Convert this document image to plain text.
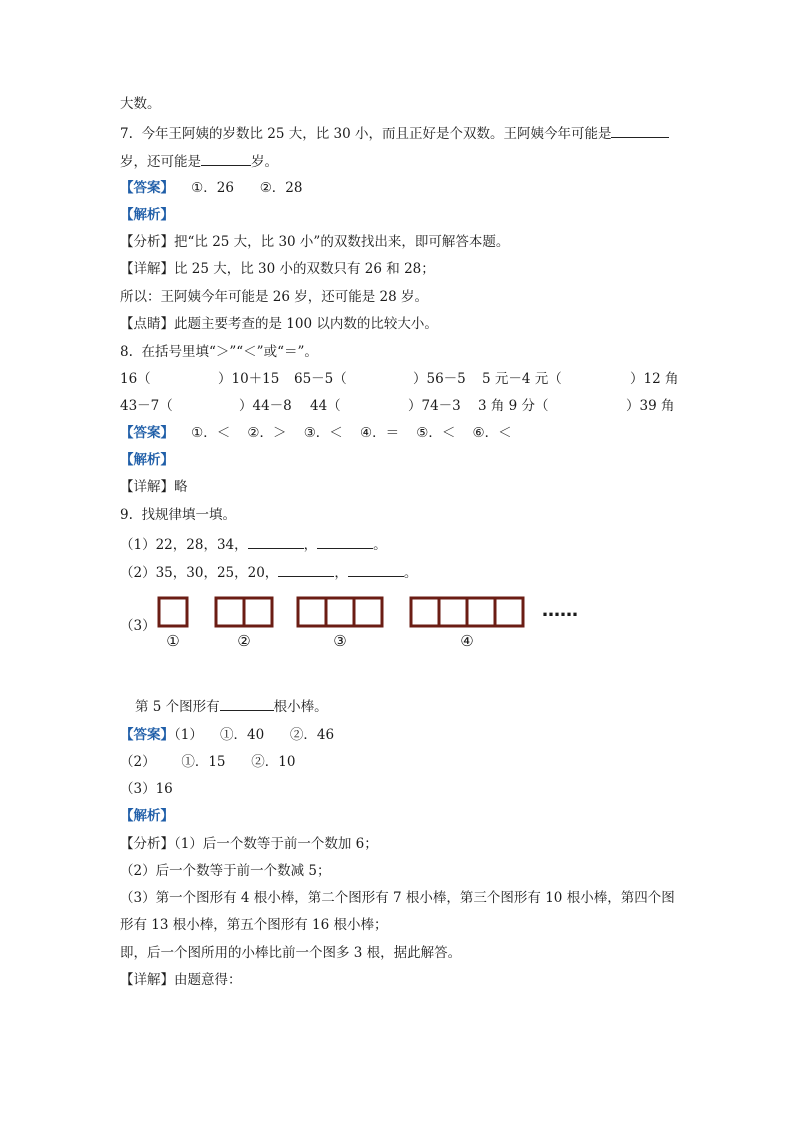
大数。
7.  今年王阿姨的岁数比 25 大，比 30 小，而且正好是个双数。王阿姨今年可能是
岁，还可能是	岁。
【答案】    ①．26      ②．28
【解析】
【分析】把“比 25 大，比 30 小”的双数找出来，即可解答本题。
【详解】比 25 大，比 30 小的双数只有 26 和 28；
所以：王阿姨今年可能是 26 岁，还可能是 28 岁。
【点睛】此题主要考查的是 100 以内数的比较大小。
8.  在括号里填“＞”“＜”或“＝”。
16（	）10＋15 65－5（	）56－5 5 元－4 元（	）12 角
43－7（	）44－8 44（	）74－3 3 角 9 分（	）39 角
【答案】    ①．＜    ②．＞    ③．＜    ④．＝    ⑤．＜    ⑥．＜
【解析】
【详解】略
9.  找规律填一填。
（1）22，28，34，	，	。
（2）35，30，25，20，	，	。
（3）
①	②	③	④
……
第 5 个图形有	根小棒。
【答案】（1）    ①．40      ②．46
（2）      ①．15      ②．10
（3）16
【解析】
【分析】（1）后一个数等于前一个数加 6；
（2）后一个数等于前一个数减 5；
（3）第一个图形有 4 根小棒，第二个图形有 7 根小棒，第三个图形有 10 根小棒，第四个图
形有 13 根小棒，第五个图形有 16 根小棒；
即，后一个图所用的小棒比前一个图多 3 根，据此解答。
【详解】由题意得：
